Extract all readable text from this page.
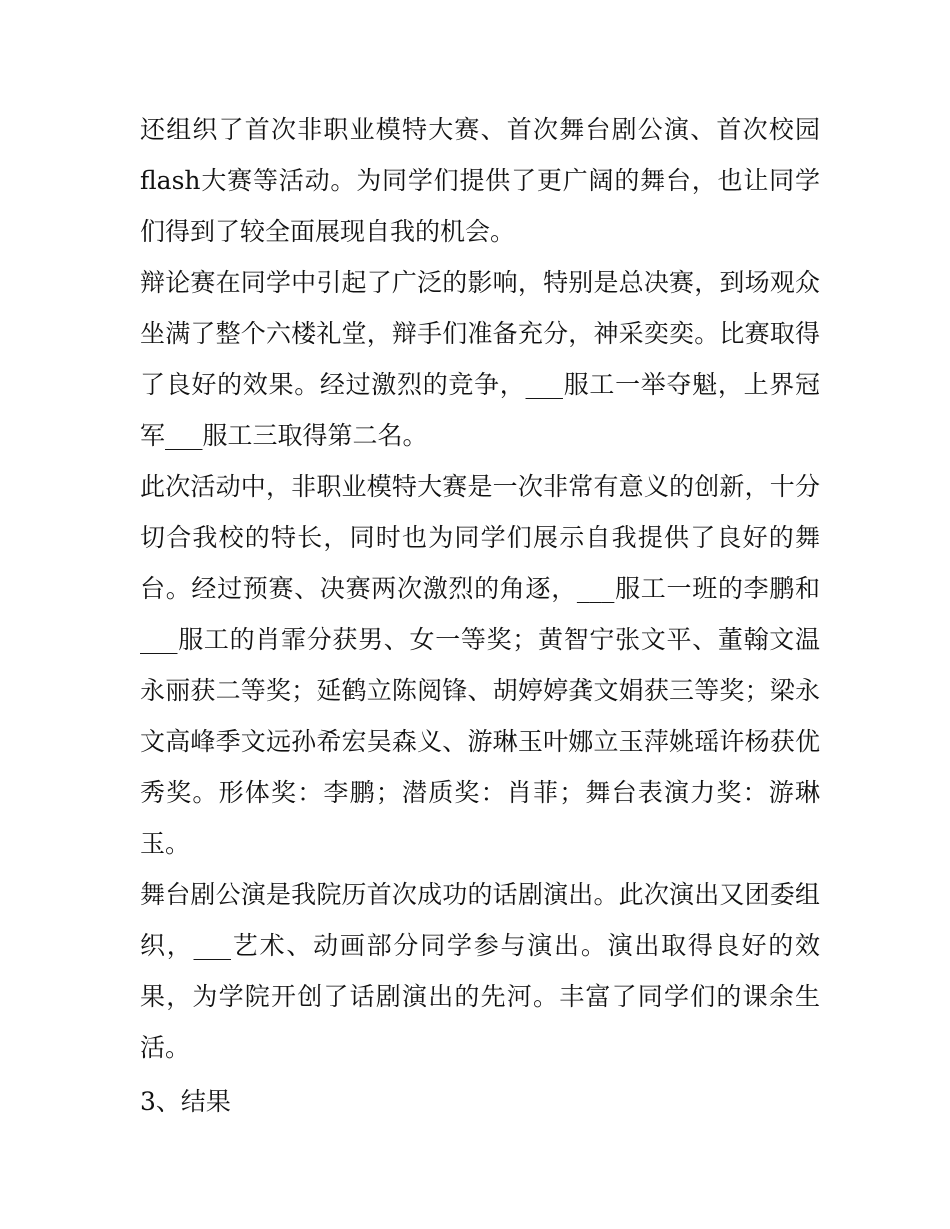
还组织了首次非职业模特大赛、首次舞台剧公演、首次校园flash大赛等活动。为同学们提供了更广阔的舞台，也让同学们得到了较全面展现自我的机会。

辩论赛在同学中引起了广泛的影响，特别是总决赛，到场观众坐满了整个六楼礼堂，辩手们准备充分，神采奕奕。比赛取得了良好的效果。经过激烈的竞争，___服工一举夺魁，上界冠军___服工三取得第二名。

此次活动中，非职业模特大赛是一次非常有意义的创新，十分切合我校的特长，同时也为同学们展示自我提供了良好的舞台。经过预赛、决赛两次激烈的角逐，___服工一班的李鹏和___服工的肖霏分获男、女一等奖；黄智宁张文平、董翰文温永丽获二等奖；延鹤立陈阅锋、胡婷婷龚文娟获三等奖；梁永文高峰季文远孙希宏吴森义、游琳玉叶娜立玉萍姚瑶许杨获优秀奖。形体奖：李鹏；潜质奖：肖菲；舞台表演力奖：游琳玉。

舞台剧公演是我院历首次成功的话剧演出。此次演出又团委组织，___艺术、动画部分同学参与演出。演出取得良好的效果，为学院开创了话剧演出的先河。丰富了同学们的课余生活。

3、结果
